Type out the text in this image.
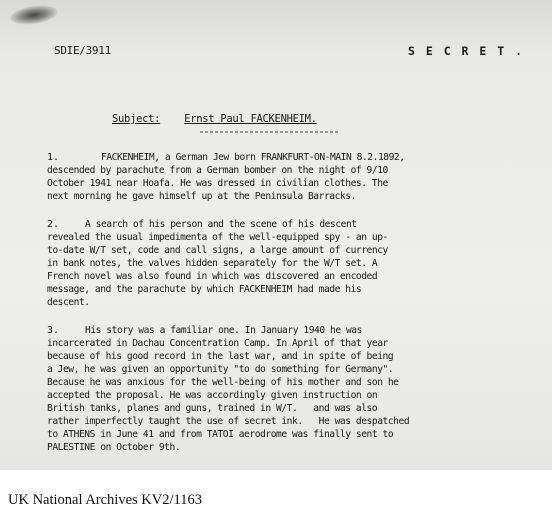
SDIE/3911	S E C R E T .
Subject: Ernst Paul FACKENHEIM.
1.	FACKENHEIM, a German Jew born FRANKFURT-ON-MAIN 8.2.1892,
descended by parachute from a German bomber on the night of 9/10
October 1941 near Hoafa. He was dressed in civilian clothes. The
next morning he gave himself up at the Peninsula Barracks.
2.	A search of his person and the scene of his descent
revealed the usual impedimenta of the well-equipped spy - an up-
to-date W/T set, code and call signs, a large amount of currency
in bank notes, the valves hidden separately for the W/T set. A
French novel was also found in which was discovered an encoded
message, and the parachute by which FACKENHEIM had made his
descent.
3.	His story was a familiar one. In January 1940 he was
incarcerated in Dachau Concentration Camp. In April of that year
because of his good record in the last war, and in spite of being
a Jew, he was given an opportunity "to do something for Germany".
Because he was anxious for the well-being of his mother and son he
accepted the proposal. He was accordingly given instruction on
British tanks, planes and guns, trained in W/T.   and was also
rather imperfectly taught the use of secret ink.   He was despatched
to ATHENS in June 41 and from TATOI aerodrome was finally sent to
PALESTINE on October 9th.
UK National Archives KV2/1163
